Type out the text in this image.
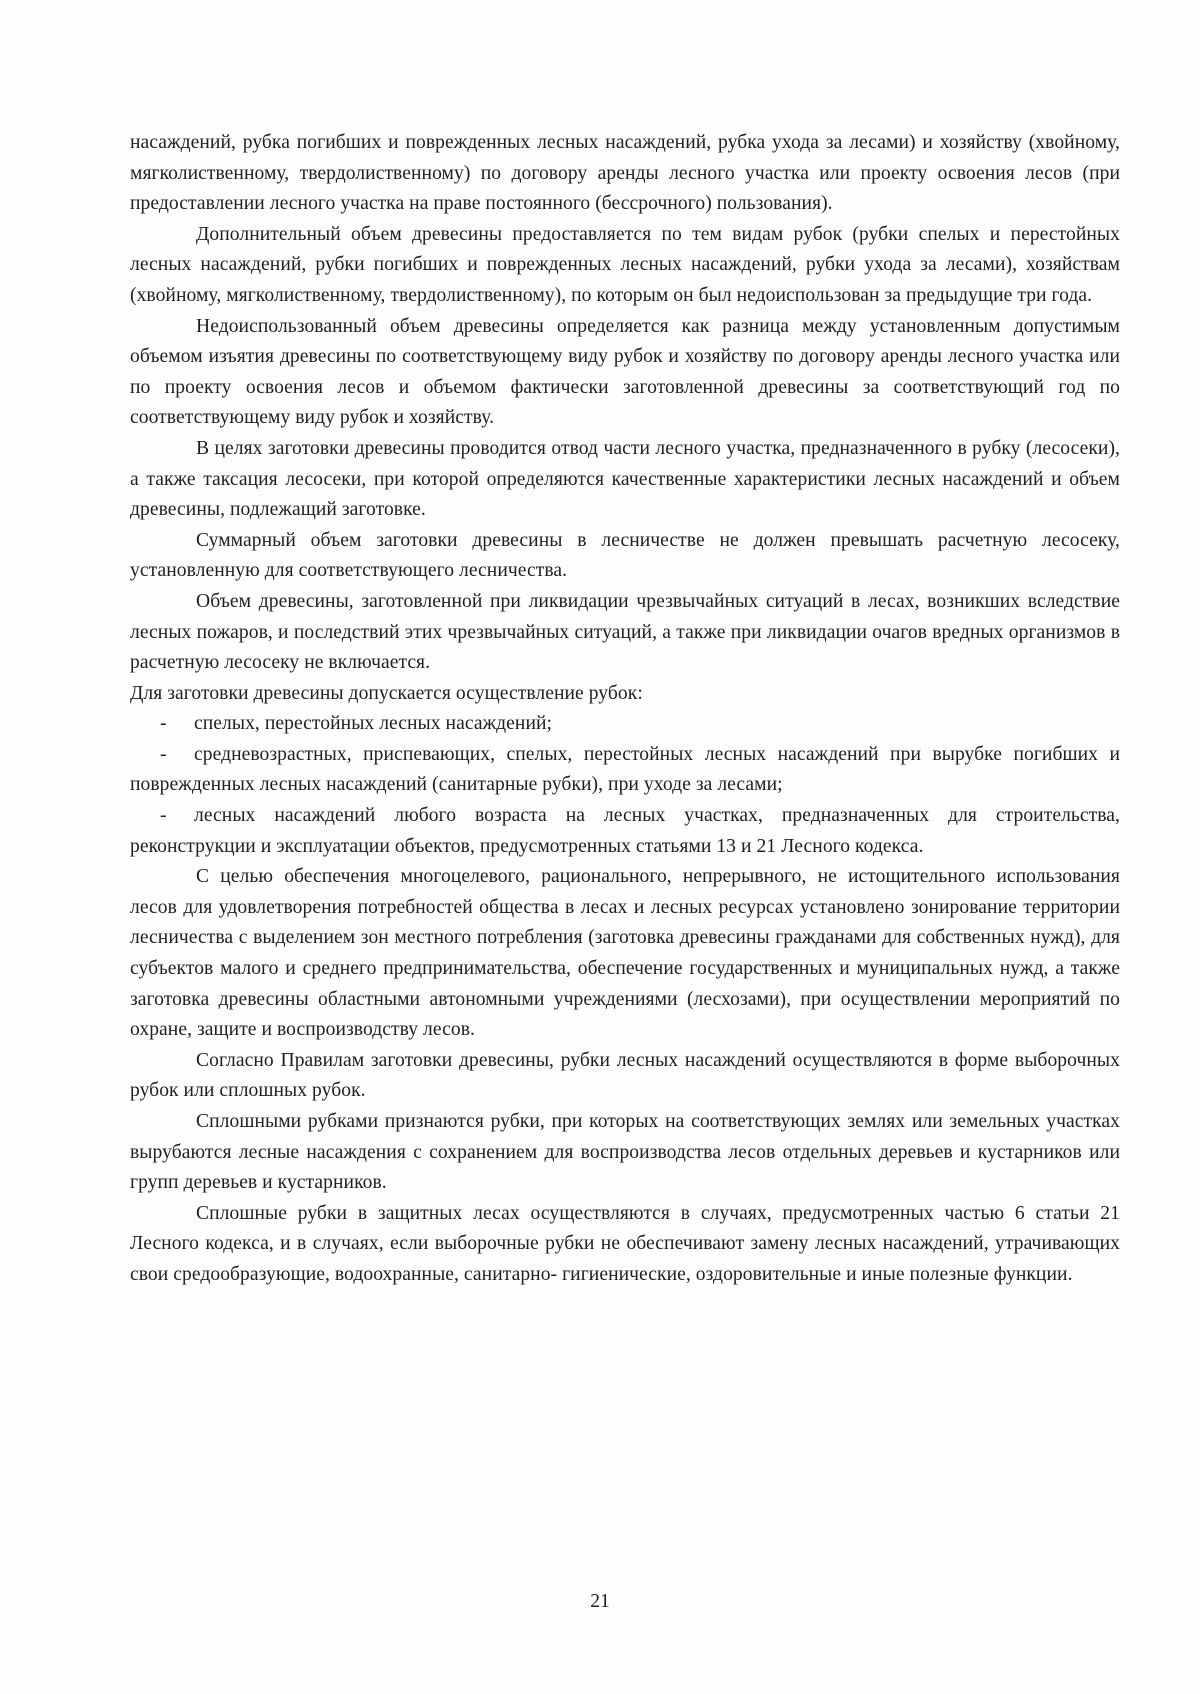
насаждений, рубка погибших и поврежденных лесных насаждений, рубка ухода за лесами) и хозяйству (хвойному, мягколиственному, твердолиственному) по договору аренды лесного участка или проекту освоения лесов (при предоставлении лесного участка на праве постоянного (бессрочного) пользования).

Дополнительный объем древесины предоставляется по тем видам рубок (рубки спелых и перестойных лесных насаждений, рубки погибших и поврежденных лесных насаждений, рубки ухода за лесами), хозяйствам (хвойному, мягколиственному, твердолиственному), по которым он был недоиспользован за предыдущие три года.

Недоиспользованный объем древесины определяется как разница между установленным допустимым объемом изъятия древесины по соответствующему виду рубок и хозяйству по договору аренды лесного участка или по проекту освоения лесов и объемом фактически заготовленной древесины за соответствующий год по соответствующему виду рубок и хозяйству.

В целях заготовки древесины проводится отвод части лесного участка, предназначенного в рубку (лесосеки), а также таксация лесосеки, при которой определяются качественные характеристики лесных насаждений и объем древесины, подлежащий заготовке.

Суммарный объем заготовки древесины в лесничестве не должен превышать расчетную лесосеку, установленную для соответствующего лесничества.

Объем древесины, заготовленной при ликвидации чрезвычайных ситуаций в лесах, возникших вследствие лесных пожаров, и последствий этих чрезвычайных ситуаций, а также при ликвидации очагов вредных организмов в расчетную лесосеку не включается.

Для заготовки древесины допускается осуществление рубок:

- спелых, перестойных лесных насаждений;

- средневозрастных, приспевающих, спелых, перестойных лесных насаждений при вырубке погибших и поврежденных лесных насаждений (санитарные рубки), при уходе за лесами;

- лесных насаждений любого возраста на лесных участках, предназначенных для строительства, реконструкции и эксплуатации объектов, предусмотренных статьями 13 и 21 Лесного кодекса.

С целью обеспечения многоцелевого, рационального, непрерывного, не истощительного использования лесов для удовлетворения потребностей общества в лесах и лесных ресурсах установлено зонирование территории лесничества с выделением зон местного потребления (заготовка древесины гражданами для собственных нужд), для субъектов малого и среднего предпринимательства, обеспечение государственных и муниципальных нужд, а также заготовка древесины областными автономными учреждениями (лесхозами), при осуществлении мероприятий по охране, защите и воспроизводству лесов.

Согласно Правилам заготовки древесины, рубки лесных насаждений осуществляются в форме выборочных рубок или сплошных рубок.

Сплошными рубками признаются рубки, при которых на соответствующих землях или земельных участках вырубаются лесные насаждения с сохранением для воспроизводства лесов отдельных деревьев и кустарников или групп деревьев и кустарников.

Сплошные рубки в защитных лесах осуществляются в случаях, предусмотренных частью 6 статьи 21 Лесного кодекса, и в случаях, если выборочные рубки не обеспечивают замену лесных насаждений, утрачивающих свои средообразующие, водоохранные, санитарно- гигиенические, оздоровительные и иные полезные функции.

21
